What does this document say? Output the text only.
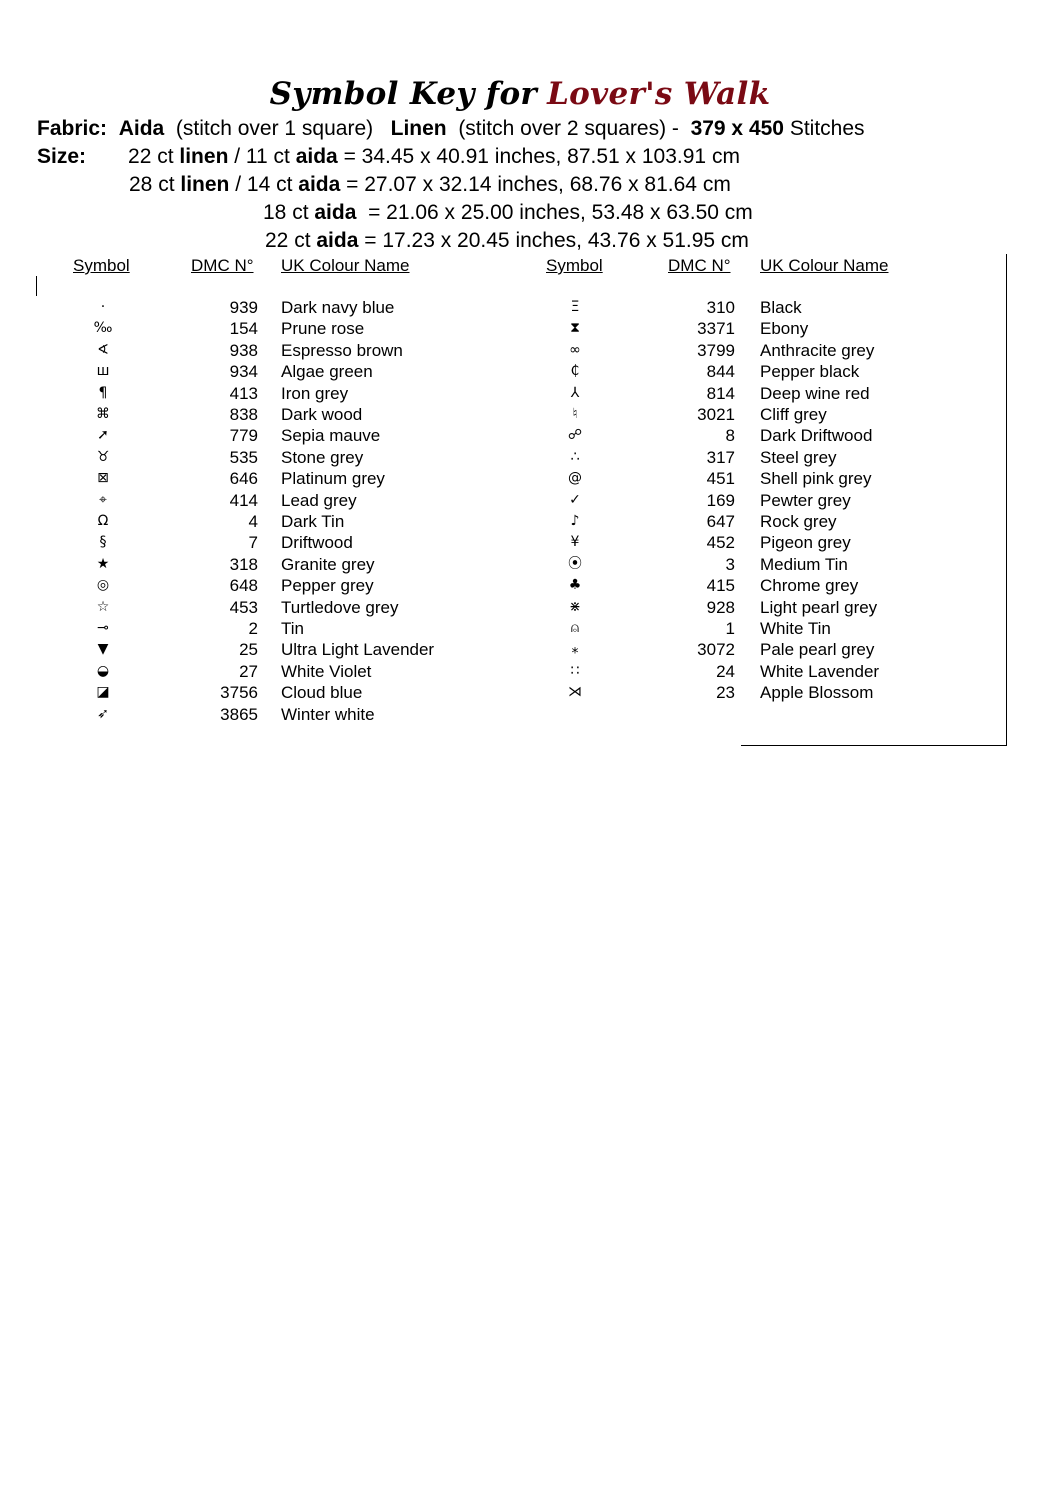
Symbol Key for Lover's Walk
Fabric: Aida (stitch over 1 square) Linen (stitch over 2 squares) - 379 x 450 Stitches
Size: 22 ct linen / 11 ct aida = 34.45 x 40.91 inches, 87.51 x 103.91 cm
28 ct linen / 14 ct aida = 27.07 x 32.14 inches, 68.76 x 81.64 cm
18 ct aida  = 21.06 x 25.00 inches, 53.48 x 63.50 cm
22 ct aida = 17.23 x 20.45 inches, 43.76 x 51.95 cm
Symbol	DMC N° UK Colour Name	Symbol	DMC N° UK Colour Name
·	939 Dark navy blue
‰	154 Prune rose
∢	938 Espresso brown
ш	934 Algae green
¶	413 Iron grey
⌘	838 Dark wood
➚	779 Sepia mauve
♉	535 Stone grey
⊠	646 Platinum grey
⌖	414 Lead grey
Ω	4 Dark Tin
§	7 Driftwood
★	318 Granite grey
◎	648 Pepper grey
☆	453 Turtledove grey
⊸	2 Tin
▼	25 Ultra Light Lavender
◒	27 White Violet
◪	3756 Cloud blue
➶	3865 Winter white
Ξ	310 Black
⧗	3371 Ebony
∞	3799 Anthracite grey
₵	844 Pepper black
⅄	814 Deep wine red
♮	3021 Cliff grey
☍	8 Dark Driftwood
∴	317 Steel grey
@	451 Shell pink grey
✓	169 Pewter grey
♪	647 Rock grey
¥	452 Pigeon grey
⦿	3 Medium Tin
♣	415 Chrome grey
⋇	928 Light pearl grey
⍝	1 White Tin
⁎	3072 Pale pearl grey
∷	24 White Lavender
⋊	23 Apple Blossom
